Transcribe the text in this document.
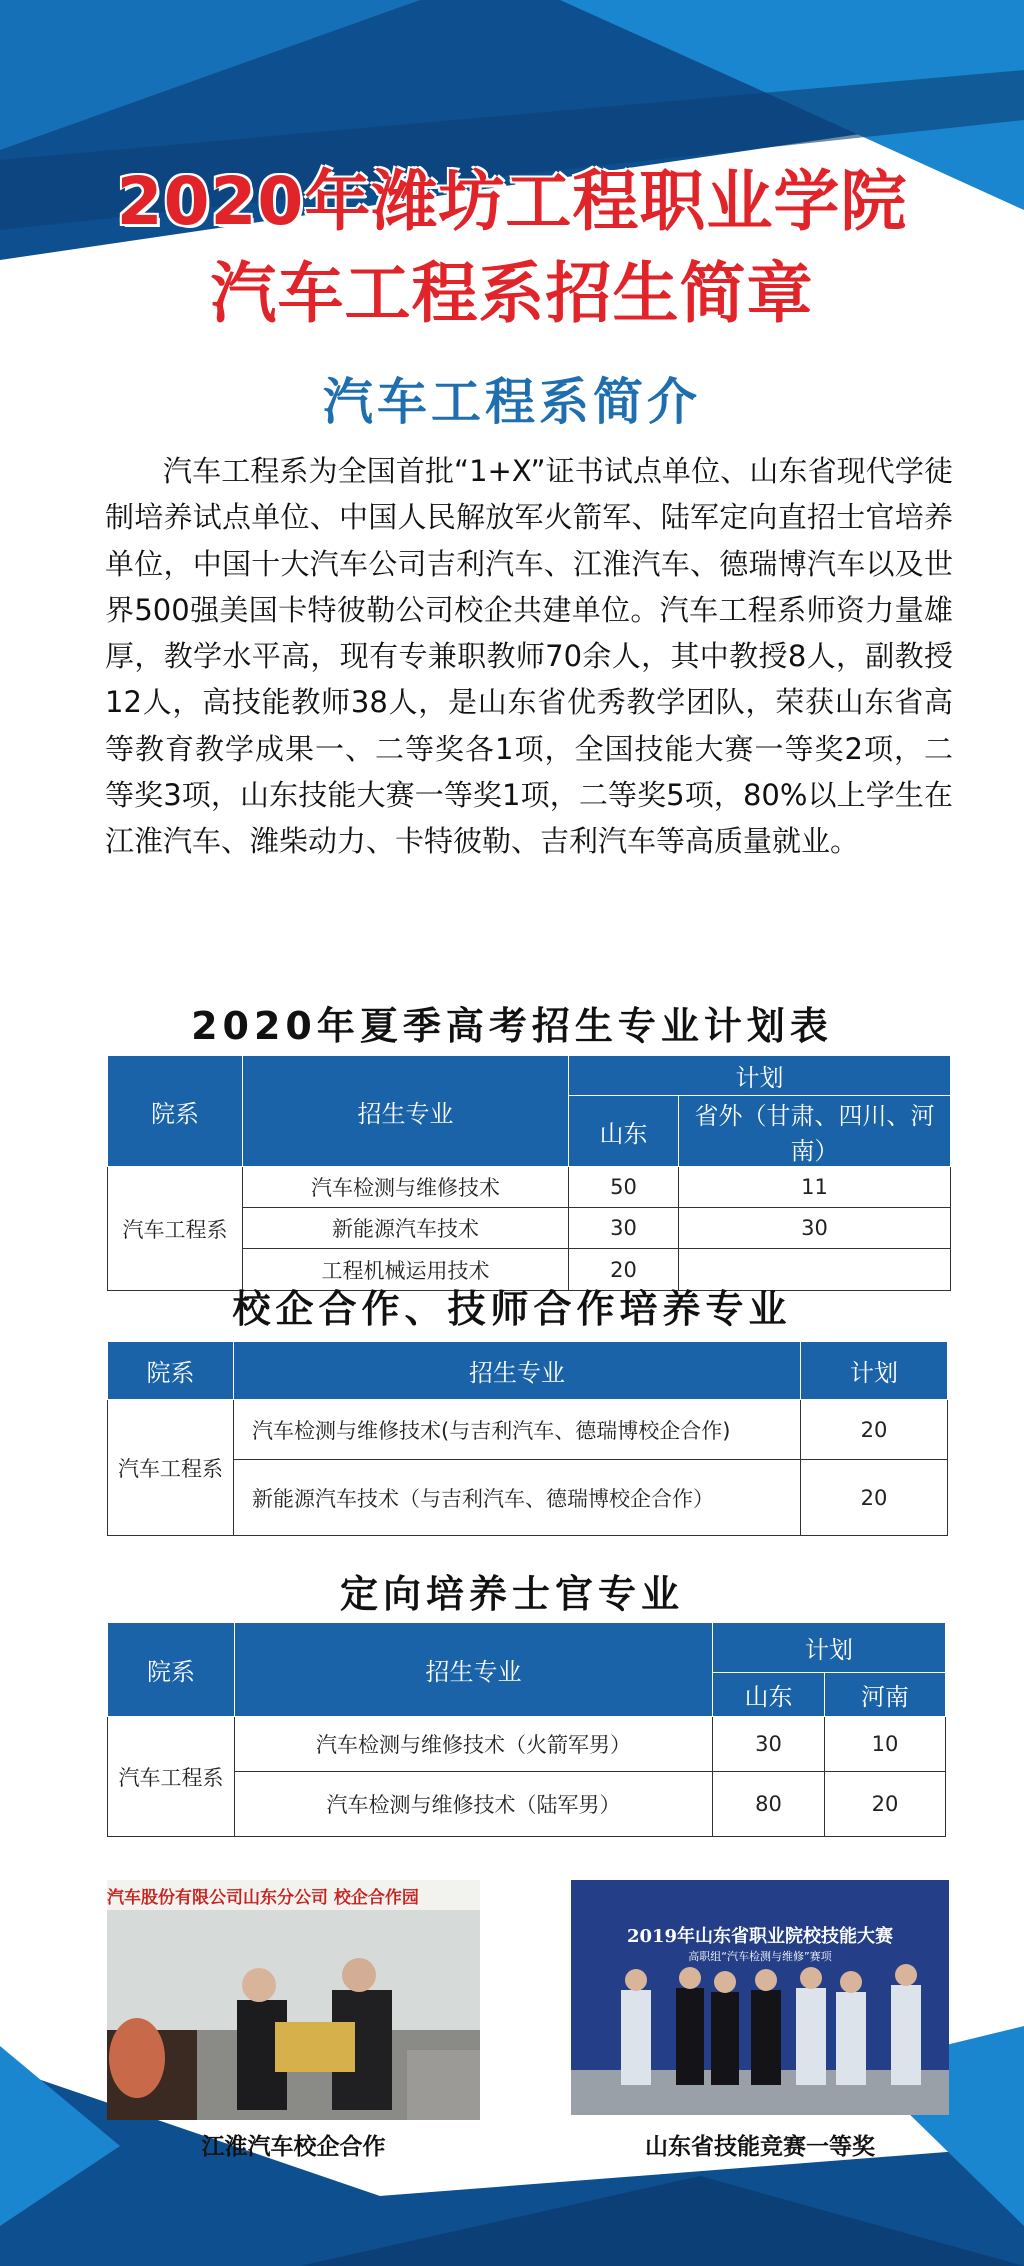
2020年潍坊工程职业学院
汽车工程系招生简章
汽车工程系简介
汽车工程系为全国首批“1+X”证书试点单位、山东省现代学徒制培养试点单位、中国人民解放军火箭军、陆军定向直招士官培养单位，中国十大汽车公司吉利汽车、江淮汽车、德瑞博汽车以及世界500强美国卡特彼勒公司校企共建单位。汽车工程系师资力量雄厚，教学水平高，现有专兼职教师70余人，其中教授8人，副教授12人，高技能教师38人，是山东省优秀教学团队，荣获山东省高等教育教学成果一、二等奖各1项，全国技能大赛一等奖2项，二等奖3项，山东技能大赛一等奖1项，二等奖5项，80%以上学生在江淮汽车、潍柴动力、卡特彼勒、吉利汽车等高质量就业。
2020年夏季高考招生专业计划表
院系	招生专业	计划	
		山东	省外（甘肃、四川、河南）
汽车工程系	汽车检测与维修技术	50	11
	新能源汽车技术	30	30
	工程机械运用技术	20	
校企合作、技师合作培养专业
院系	招生专业	计划
汽车工程系	汽车检测与维修技术(与吉利汽车、德瑞博校企合作)	20
	新能源汽车技术（与吉利汽车、德瑞博校企合作）	20
定向培养士官专业
院系	招生专业	计划	
		山东	河南
汽车工程系	汽车检测与维修技术（火箭军男）	30	10
	汽车检测与维修技术（陆军男）	80	20
汽车股份有限公司山东分公司 校企合作园
江淮汽车校企合作
2019年山东省职业院校技能大赛
高职组“汽车检测与维修”赛项
山东省技能竞赛一等奖
